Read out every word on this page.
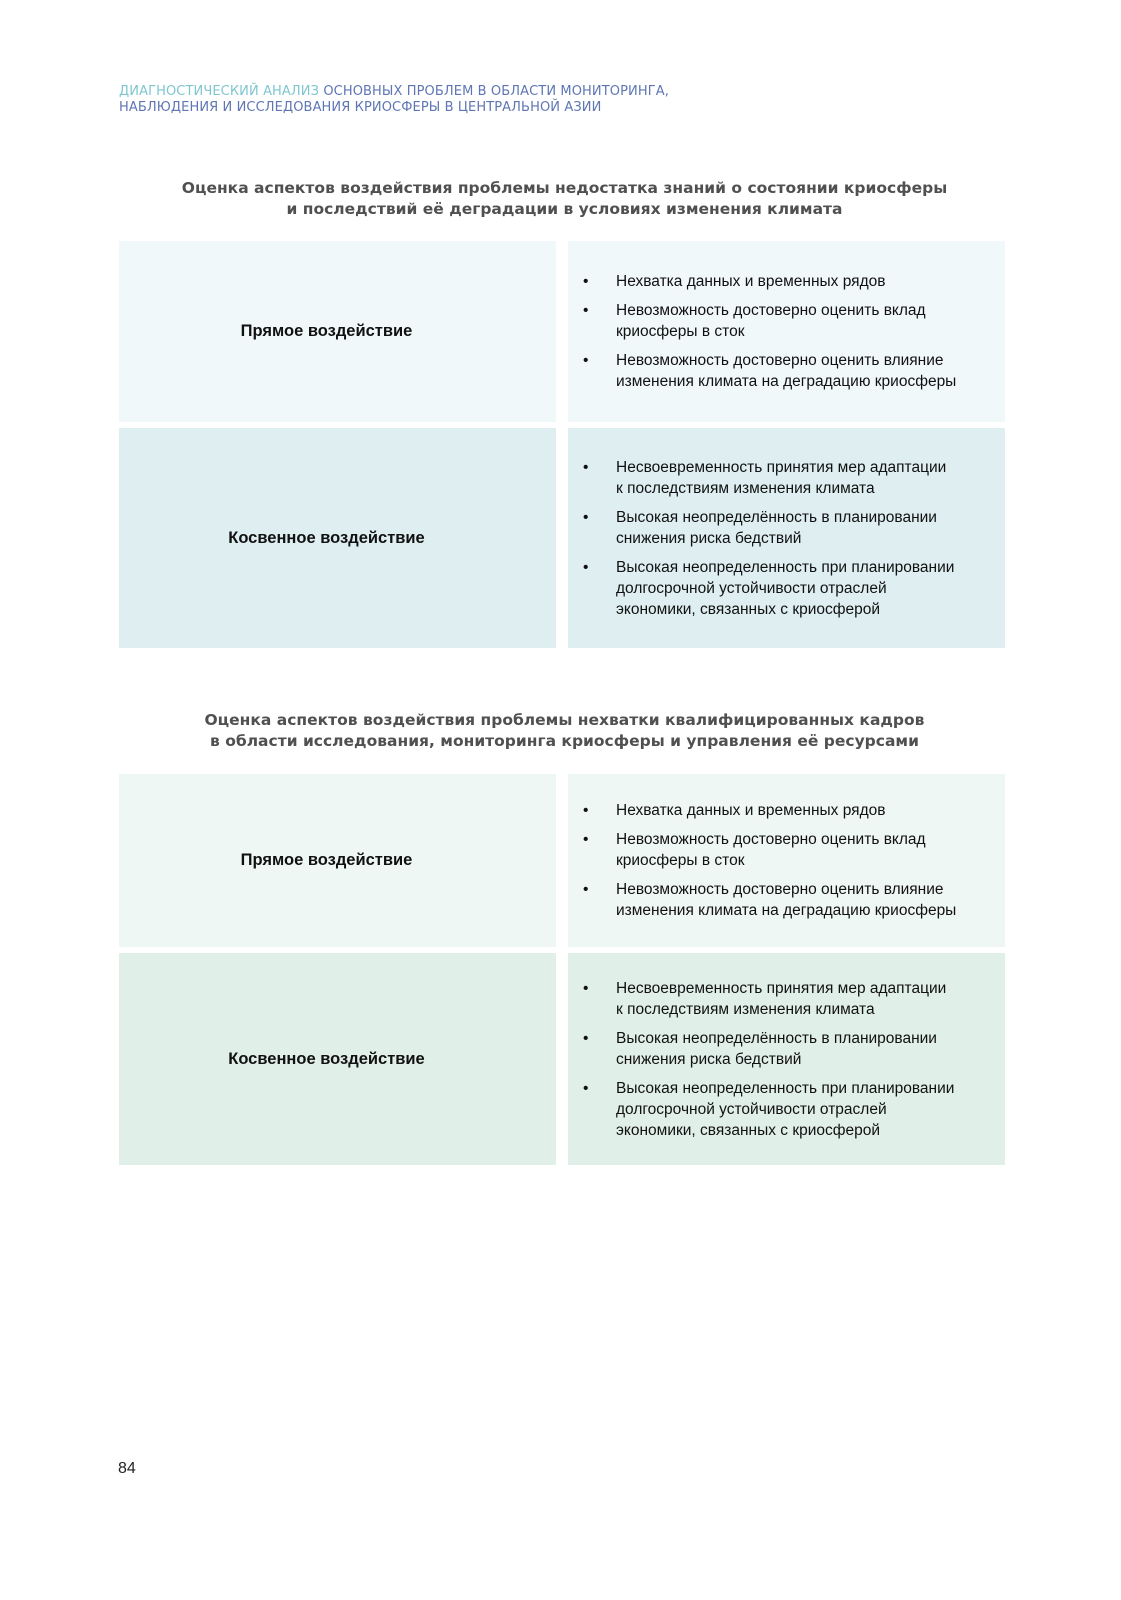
ДИАГНОСТИЧЕСКИЙ АНАЛИЗ ОСНОВНЫХ ПРОБЛЕМ В ОБЛАСТИ МОНИТОРИНГА,
НАБЛЮДЕНИЯ И ИССЛЕДОВАНИЯ КРИОСФЕРЫ В ЦЕНТРАЛЬНОЙ АЗИИ

Оценка аспектов воздействия проблемы недостатка знаний о состоянии криосферы
и последствий её деградации в условиях изменения климата
Прямое воздействие
• Нехватка данных и временных рядов
• Невозможность достоверно оценить вклад
криосферы в сток
• Невозможность достоверно оценить влияние
изменения климата на деградацию криосферы
Косвенное воздействие
• Несвоевременность принятия мер адаптации
к последствиям изменения климата
• Высокая неопределённость в планировании
снижения риска бедствий
• Высокая неопределенность при планировании
долгосрочной устойчивости отраслей
экономики, связанных с криосферой
Оценка аспектов воздействия проблемы нехватки квалифицированных кадров
в области исследования, мониторинга криосферы и управления её ресурсами
Прямое воздействие
• Нехватка данных и временных рядов
• Невозможность достоверно оценить вклад
криосферы в сток
• Невозможность достоверно оценить влияние
изменения климата на деградацию криосферы
Косвенное воздействие
• Несвоевременность принятия мер адаптации
к последствиям изменения климата
• Высокая неопределённость в планировании
снижения риска бедствий
• Высокая неопределенность при планировании
долгосрочной устойчивости отраслей
экономики, связанных с криосферой

84
